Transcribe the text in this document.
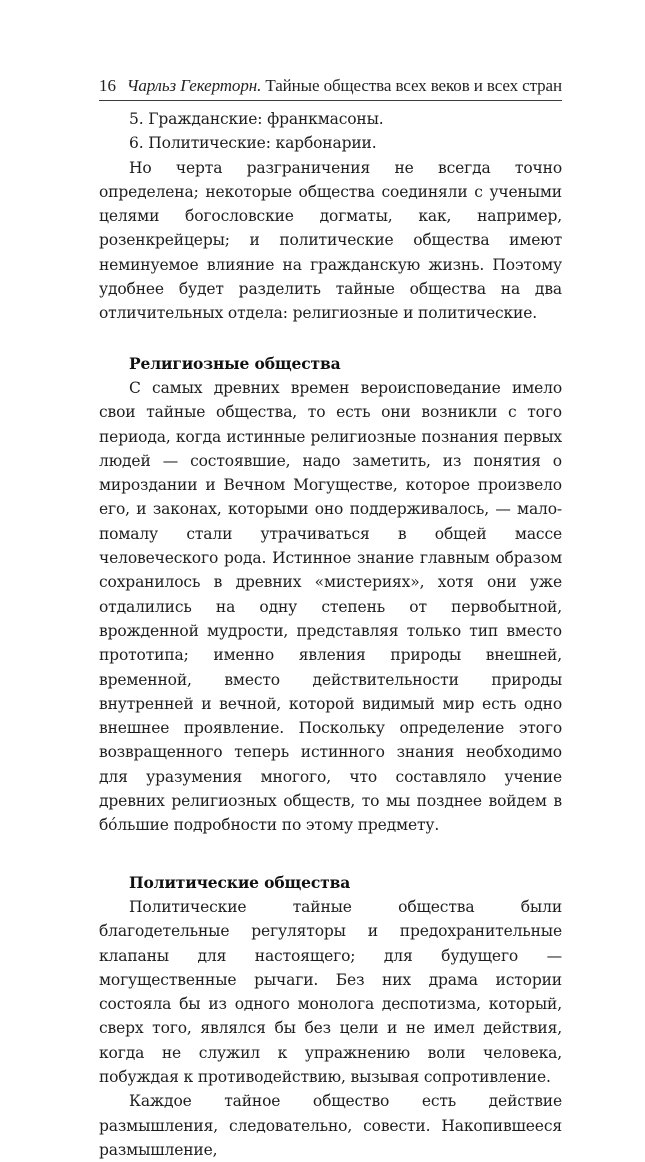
16 Чарльз Гекерторн. Тайные общества всех веков и всех стран

5. Гражданские: франкмасоны.

6. Политические: карбонарии.

Но черта разграничения не всегда точно определена; некоторые общества соединяли с учеными целями богословские догматы, как, например, розенкрейцеры; и политические общества имеют неминуемое влияние на гражданскую жизнь. Поэтому удобнее будет разделить тайные общества на два отличительных отдела: религиозные и политические.

Религиозные общества

С самых древних времен вероисповедание имело свои тайные общества, то есть они возникли с того периода, когда истинные религиозные познания первых людей — состоявшие, надо заметить, из понятия о мироздании и Вечном Могуществе, которое произвело его, и законах, которыми оно поддерживалось, — мало-помалу стали утрачиваться в общей массе человеческого рода. Истинное знание главным образом сохранилось в древних «мистериях», хотя они уже отдалились на одну степень от первобытной, врожденной мудрости, представляя только тип вместо прототипа; именно явления природы внешней, временной, вместо действительности природы внутренней и вечной, которой видимый мир есть одно внешнее проявление. Поскольку определение этого возвращенного теперь истинного знания необходимо для уразумения многого, что составляло учение древних религиозных обществ, то мы позднее войдем в бо́льшие подробности по этому предмету.

Политические общества

Политические тайные общества были благодетельные регуляторы и предохранительные клапаны для настоящего; для будущего — могущественные рычаги. Без них драма истории состояла бы из одного монолога деспотизма, который, сверх того, являлся бы без цели и не имел действия, когда не служил к упражнению воли человека, побуждая к противодействию, вызывая сопротивление.

Каждое тайное общество есть действие размышления, следовательно, совести. Накопившееся размышление,
